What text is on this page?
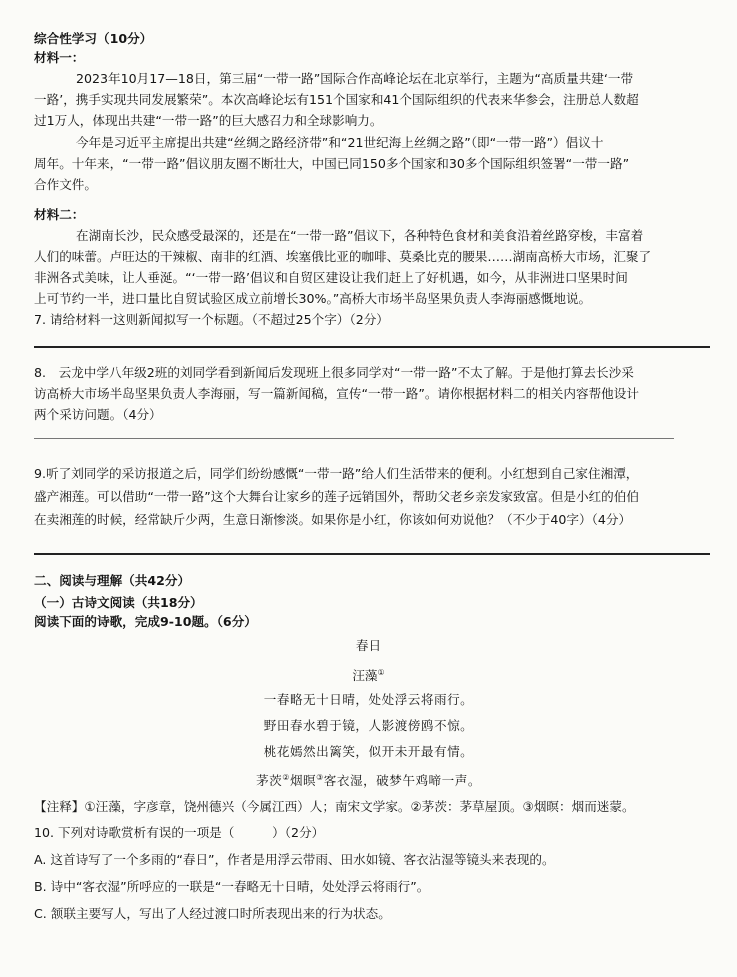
综合性学习（10分）
材料一：
2023年10月17—18日，第三届“一带一路”国际合作高峰论坛在北京举行，主题为“高质量共建‘一带
一路’，携手实现共同发展繁荣”。本次高峰论坛有151个国家和41个国际组织的代表来华参会，注册总人数超
过1万人，体现出共建“一带一路”的巨大感召力和全球影响力。
今年是习近平主席提出共建“丝绸之路经济带”和“21世纪海上丝绸之路”（即“一带一路”）倡议十
周年。十年来，“一带一路”倡议朋友圈不断壮大，中国已同150多个国家和30多个国际组织签署“一带一路”
合作文件。
材料二：
在湖南长沙，民众感受最深的，还是在“一带一路”倡议下，各种特色食材和美食沿着丝路穿梭，丰富着
人们的味蕾。卢旺达的干辣椒、南非的红酒、埃塞俄比亚的咖啡、莫桑比克的腰果……湖南高桥大市场，汇聚了
非洲各式美味，让人垂涎。“‘一带一路’倡议和自贸区建设让我们赶上了好机遇，如今，从非洲进口坚果时间
上可节约一半，进口量比自贸试验区成立前增长30%。”高桥大市场半岛坚果负责人李海丽感慨地说。
7. 请给材料一这则新闻拟写一个标题。（不超过25个字）（2分）
8.　云龙中学八年级2班的刘同学看到新闻后发现班上很多同学对“一带一路”不太了解。于是他打算去长沙采
访高桥大市场半岛坚果负责人李海丽，写一篇新闻稿，宣传“一带一路”。请你根据材料二的相关内容帮他设计
两个采访问题。（4分）
9.听了刘同学的采访报道之后，同学们纷纷感慨“一带一路”给人们生活带来的便利。小红想到自己家住湘潭，
盛产湘莲。可以借助“一带一路”这个大舞台让家乡的莲子远销国外，帮助父老乡亲发家致富。但是小红的伯伯
在卖湘莲的时候，经常缺斤少两，生意日渐惨淡。如果你是小红，你该如何劝说他？（不少于40字）（4分）
二、阅读与理解（共42分）
（一）古诗文阅读（共18分）
阅读下面的诗歌，完成9-10题。（6分）
春日
汪藻①
一春略无十日晴，处处浮云将雨行。
野田春水碧于镜，人影渡傍鸥不惊。
桃花嫣然出篱笑，似开未开最有情。
茅茨②烟暝③客衣湿，破梦午鸡啼一声。
【注释】①汪藻，字彦章，饶州德兴（今属江西）人；南宋文学家。②茅茨：茅草屋顶。③烟暝：烟而迷蒙。
10. 下列对诗歌赏析有误的一项是（　　　）（2分）
A. 这首诗写了一个多雨的“春日”，作者是用浮云带雨、田水如镜、客衣沾湿等镜头来表现的。
B. 诗中“客衣湿”所呼应的一联是“一春略无十日晴，处处浮云将雨行”。
C. 颔联主要写人，写出了人经过渡口时所表现出来的行为状态。
